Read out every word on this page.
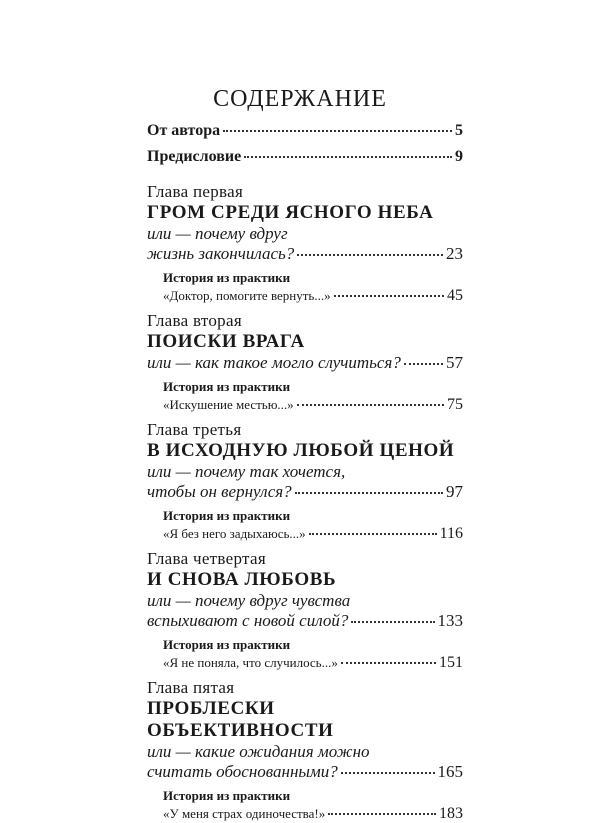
СОДЕРЖАНИЕ
От автора	5
Предисловие	9
Глава первая
ГРОМ СРЕДИ ЯСНОГО НЕБА
или — почему вдруг
жизнь закончилась?	23
История из практики
«Доктор, помогите вернуть...»	45
Глава вторая
ПОИСКИ ВРАГА
или — как такое могло случиться?	57
История из практики
«Искушение местью...»	75
Глава третья
В ИСХОДНУЮ ЛЮБОЙ ЦЕНОЙ
или — почему так хочется,
чтобы он вернулся?	97
История из практики
«Я без него задыхаюсь...»	116
Глава четвертая
И СНОВА ЛЮБОВЬ
или — почему вдруг чувства
вспыхивают с новой силой?	133
История из практики
«Я не поняла, что случилось...»	151
Глава пятая
ПРОБЛЕСКИ ОБЪЕКТИВНОСТИ
или — какие ожидания можно
считать обоснованными?	165
История из практики
«У меня страх одиночества!»	183
